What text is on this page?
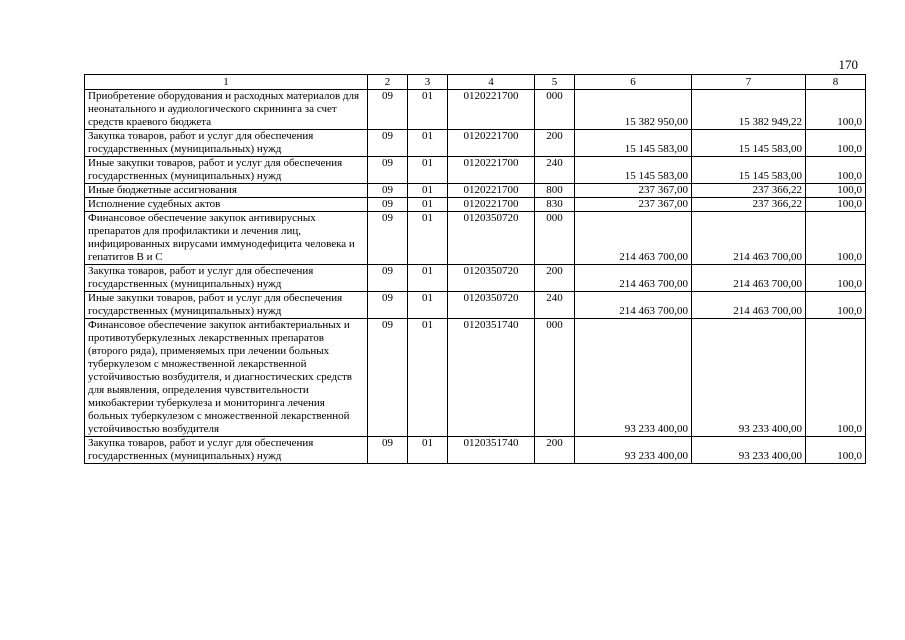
170
1	2	3	4	5	6	7	8
Приобретение оборудования и расходных материалов для неонатального и аудиологического скрининга за счет средств краевого бюджета	09	01	0120221700	000	15 382 950,00	15 382 949,22	100,0
Закупка товаров, работ и услуг для обеспечения государственных (муниципальных) нужд	09	01	0120221700	200	15 145 583,00	15 145 583,00	100,0
Иные закупки товаров, работ и услуг для обеспечения государственных (муниципальных) нужд	09	01	0120221700	240	15 145 583,00	15 145 583,00	100,0
Иные бюджетные ассигнования	09	01	0120221700	800	237 367,00	237 366,22	100,0
Исполнение судебных актов	09	01	0120221700	830	237 367,00	237 366,22	100,0
Финансовое обеспечение закупок антивирусных препаратов для профилактики и лечения лиц, инфицированных вирусами иммунодефицита человека и гепатитов В и С	09	01	0120350720	000	214 463 700,00	214 463 700,00	100,0
Закупка товаров, работ и услуг для обеспечения государственных (муниципальных) нужд	09	01	0120350720	200	214 463 700,00	214 463 700,00	100,0
Иные закупки товаров, работ и услуг для обеспечения государственных (муниципальных) нужд	09	01	0120350720	240	214 463 700,00	214 463 700,00	100,0
Финансовое обеспечение закупок антибактериальных и противотуберкулезных лекарственных препаратов (второго ряда), применяемых при лечении больных туберкулезом с множественной лекарственной устойчивостью возбудителя, и диагностических средств для выявления, определения чувствительности микобактерии туберкулеза и мониторинга лечения больных туберкулезом с множественной лекарственной устойчивостью возбудителя	09	01	0120351740	000	93 233 400,00	93 233 400,00	100,0
Закупка товаров, работ и услуг для обеспечения государственных (муниципальных) нужд	09	01	0120351740	200	93 233 400,00	93 233 400,00	100,0
